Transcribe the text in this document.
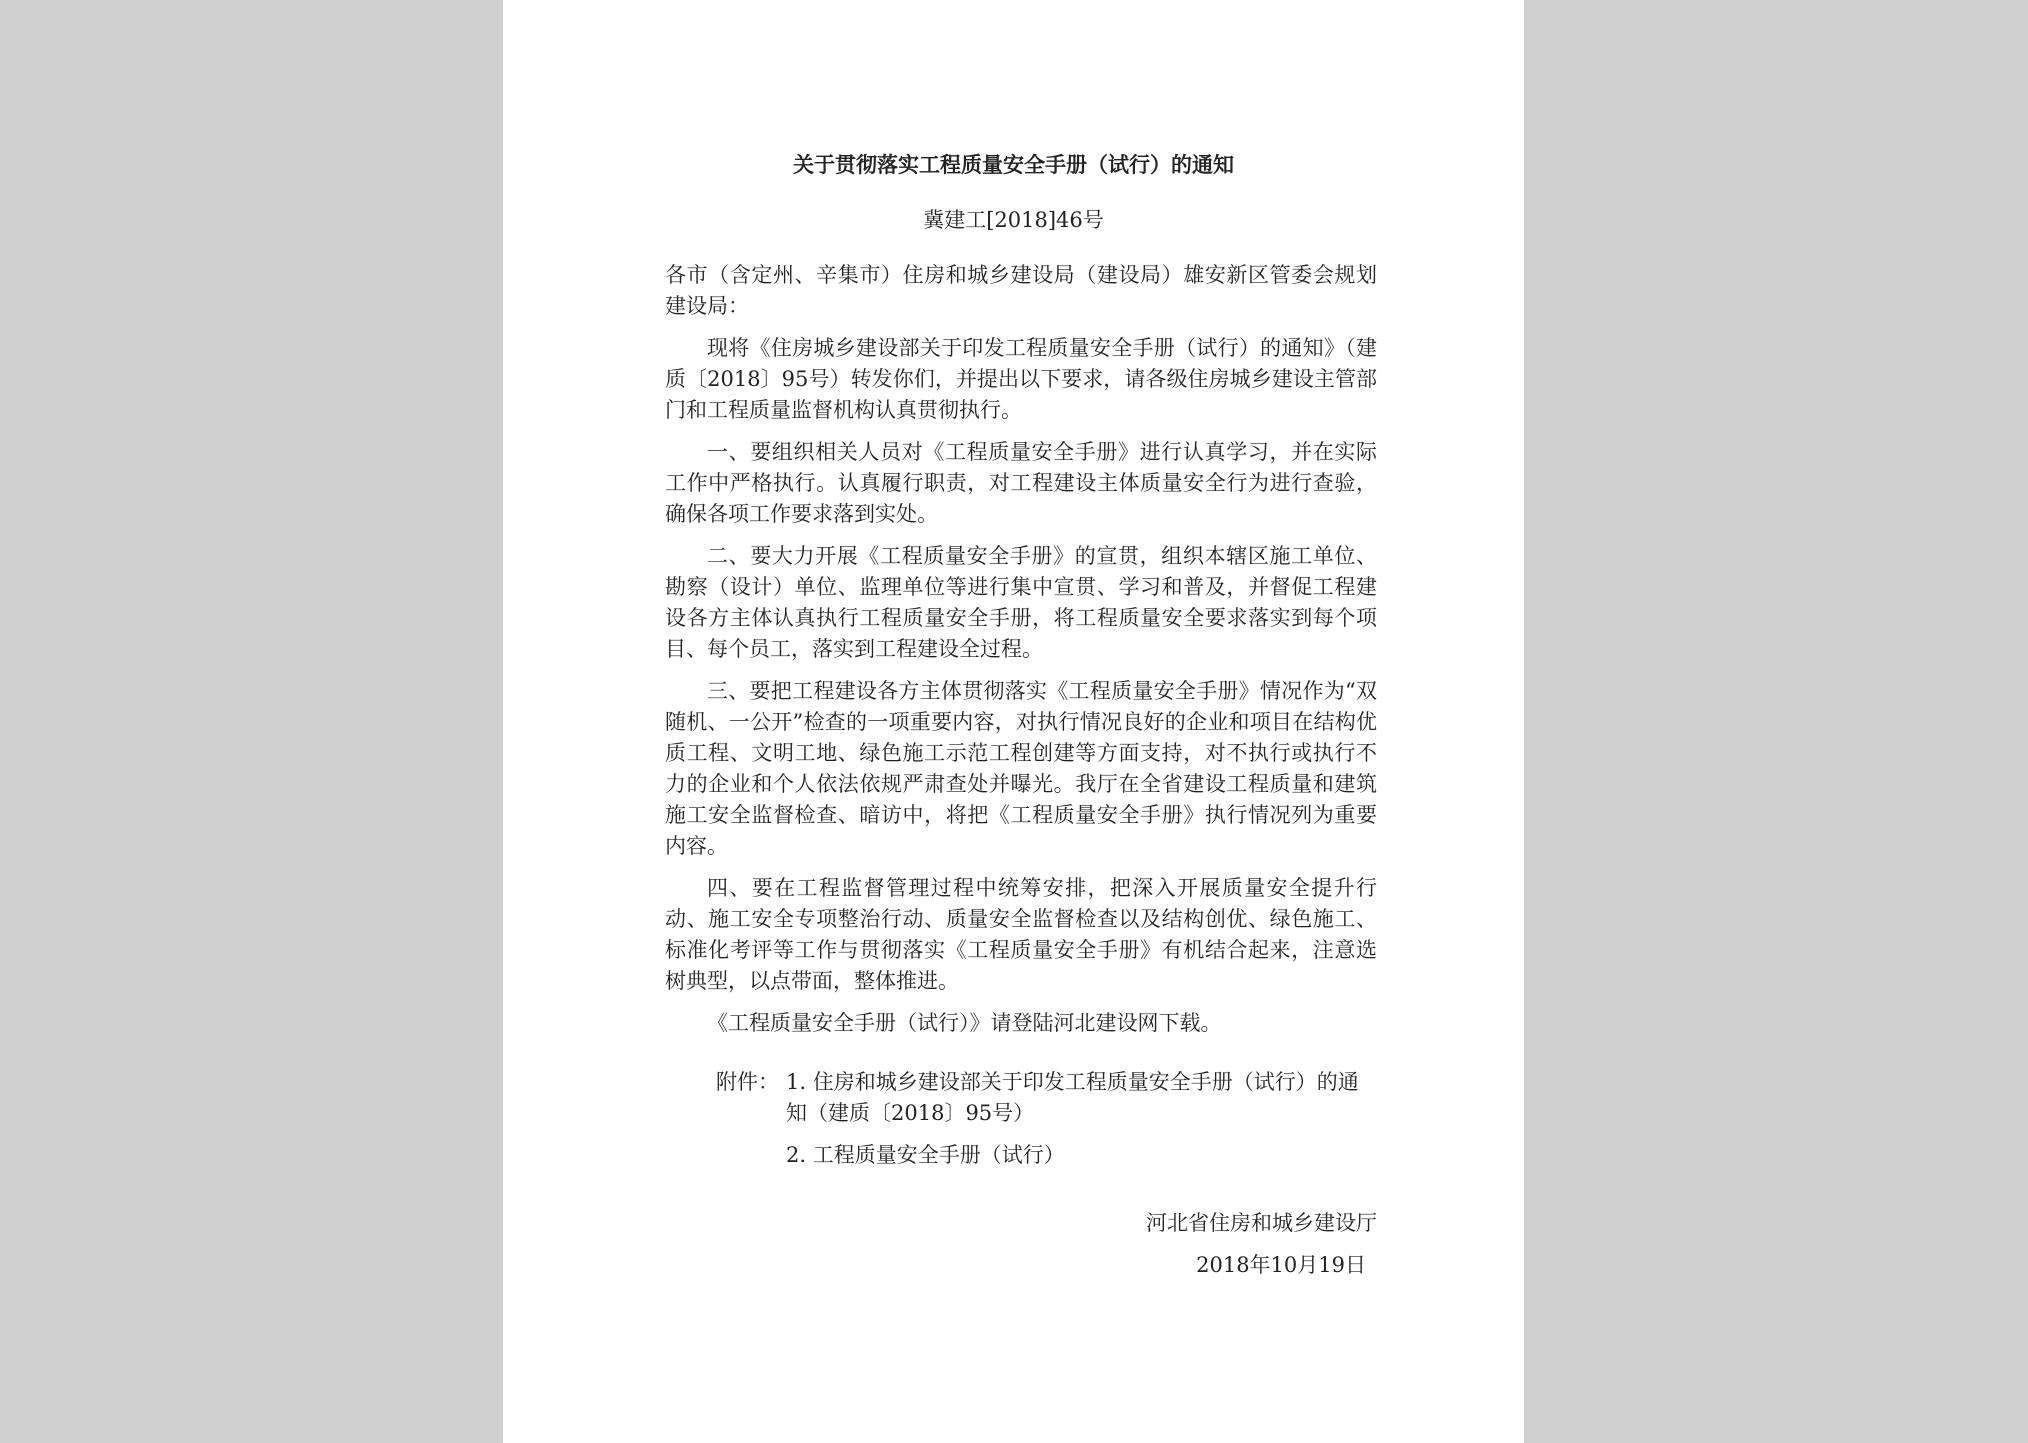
关于贯彻落实工程质量安全手册（试行）的通知
冀建工[2018]46号

各市（含定州、辛集市）住房和城乡建设局（建设局）雄安新区管委会规划建设局：

现将《住房城乡建设部关于印发工程质量安全手册（试行）的通知》（建质〔2018〕95号）转发你们，并提出以下要求，请各级住房城乡建设主管部门和工程质量监督机构认真贯彻执行。

一、要组织相关人员对《工程质量安全手册》进行认真学习，并在实际工作中严格执行。认真履行职责，对工程建设主体质量安全行为进行查验，确保各项工作要求落到实处。

二、要大力开展《工程质量安全手册》的宣贯，组织本辖区施工单位、勘察（设计）单位、监理单位等进行集中宣贯、学习和普及，并督促工程建设各方主体认真执行工程质量安全手册，将工程质量安全要求落实到每个项目、每个员工，落实到工程建设全过程。

三、要把工程建设各方主体贯彻落实《工程质量安全手册》情况作为“双随机、一公开”检查的一项重要内容，对执行情况良好的企业和项目在结构优质工程、文明工地、绿色施工示范工程创建等方面支持，对不执行或执行不力的企业和个人依法依规严肃查处并曝光。我厅在全省建设工程质量和建筑施工安全监督检查、暗访中，将把《工程质量安全手册》执行情况列为重要内容。

四、要在工程监督管理过程中统筹安排，把深入开展质量安全提升行动、施工安全专项整治行动、质量安全监督检查以及结构创优、绿色施工、标准化考评等工作与贯彻落实《工程质量安全手册》有机结合起来，注意选树典型，以点带面，整体推进。

《工程质量安全手册（试行）》请登陆河北建设网下载。

附件： 1. 住房和城乡建设部关于印发工程质量安全手册（试行）的通知（建质〔2018〕95号）
2. 工程质量安全手册（试行）
河北省住房和城乡建设厅
2018年10月19日
